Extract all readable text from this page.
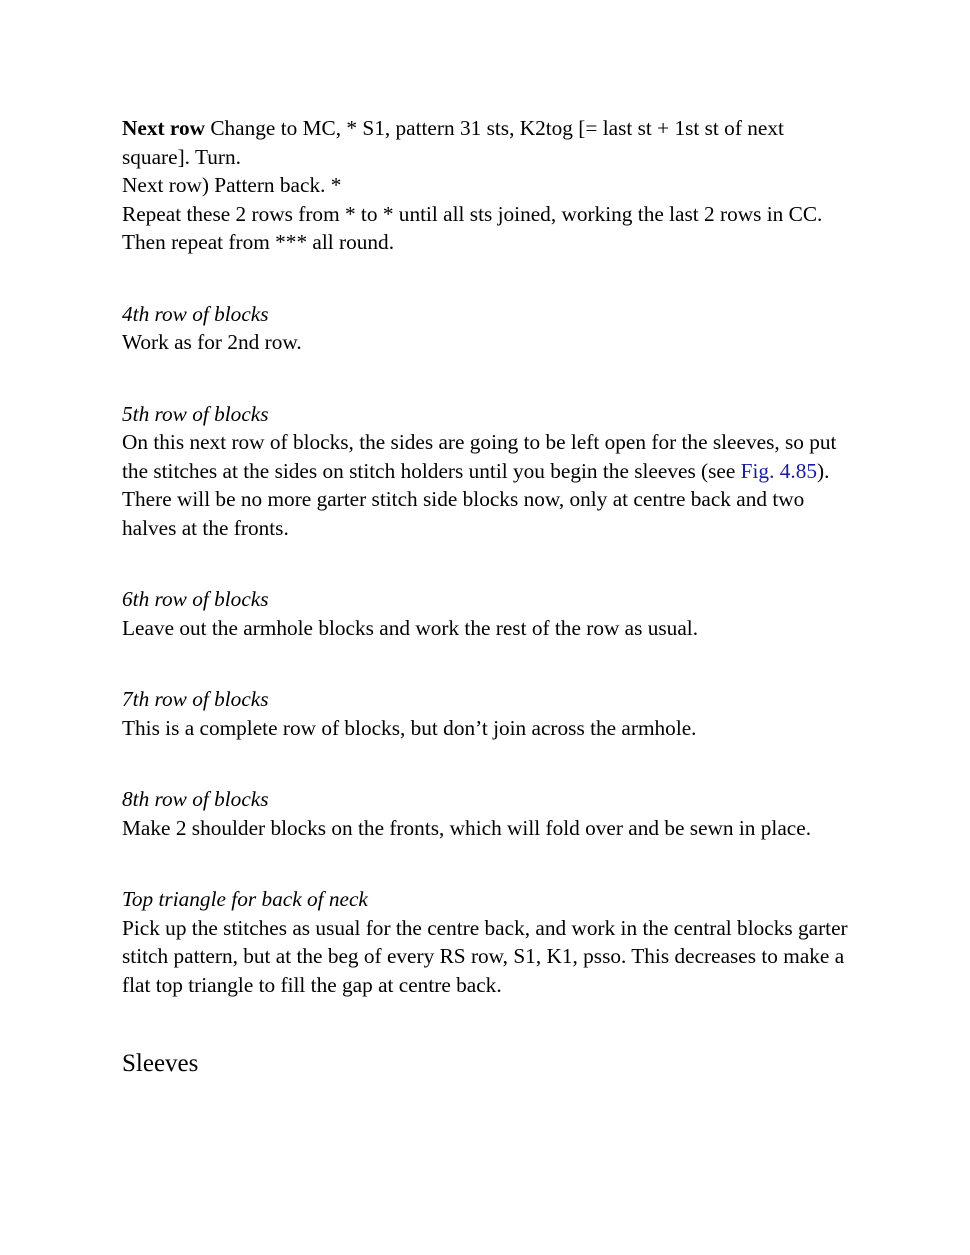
Next row Change to MC, * S1, pattern 31 sts, K2tog [= last st + 1st st of next square]. Turn.

Next row) Pattern back. *

Repeat these 2 rows from * to * until all sts joined, working the last 2 rows in CC. Then repeat from *** all round.

4th row of blocks

Work as for 2nd row.

5th row of blocks

On this next row of blocks, the sides are going to be left open for the sleeves, so put the stitches at the sides on stitch holders until you begin the sleeves (see Fig. 4.85). There will be no more garter stitch side blocks now, only at centre back and two halves at the fronts.

6th row of blocks

Leave out the armhole blocks and work the rest of the row as usual.

7th row of blocks

This is a complete row of blocks, but don’t join across the armhole.

8th row of blocks

Make 2 shoulder blocks on the fronts, which will fold over and be sewn in place.

Top triangle for back of neck

Pick up the stitches as usual for the centre back, and work in the central blocks garter stitch pattern, but at the beg of every RS row, S1, K1, psso. This decreases to make a flat top triangle to fill the gap at centre back.

Sleeves
